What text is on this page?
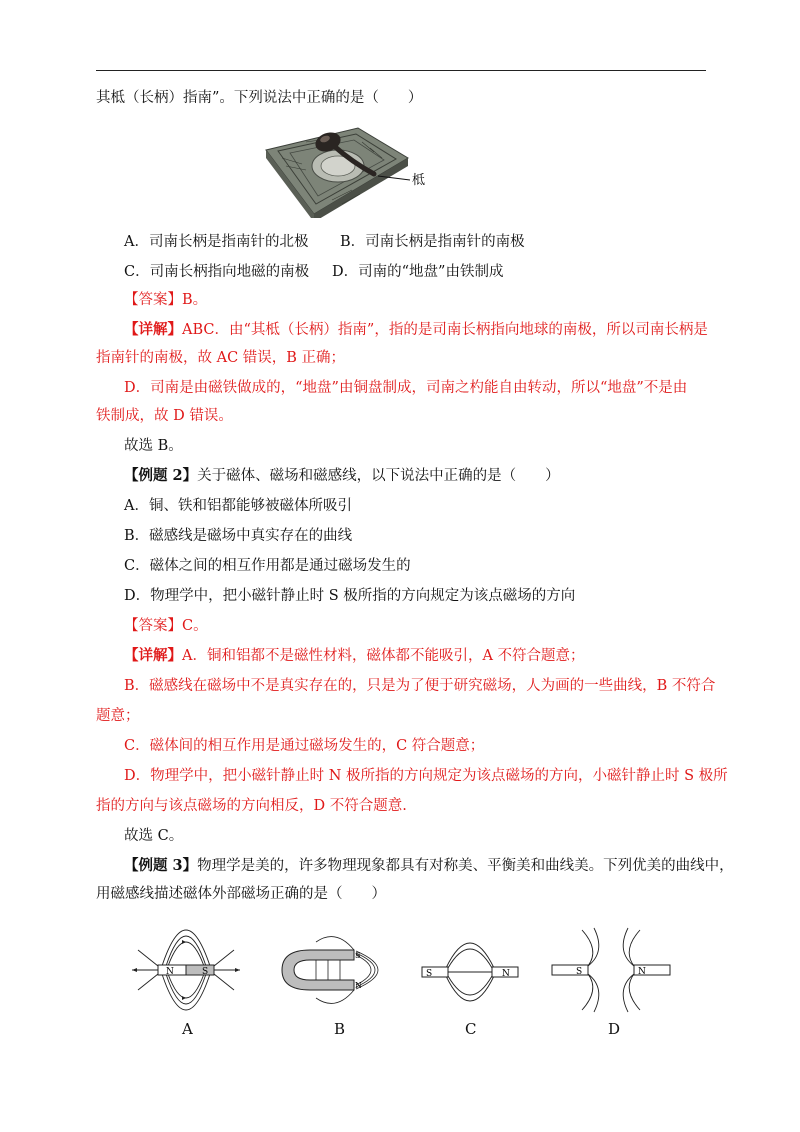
其柢（长柄）指南”。下列说法中正确的是（　　）
柢
A．司南长柄是指南针的北极 B．司南长柄是指南针的南极
C．司南长柄指向地磁的南极 D．司南的“地盘”由铁制成
【答案】B。
【详解】ABC．由“其柢（长柄）指南”，指的是司南长柄指向地球的南极，所以司南长柄是
指南针的南极，故 AC 错误，B 正确；
D．司南是由磁铁做成的，“地盘”由铜盘制成，司南之杓能自由转动，所以“地盘”不是由
铁制成，故 D 错误。
故选 B。
【例题 2】关于磁体、磁场和磁感线，以下说法中正确的是（　　）
A．铜、铁和铝都能够被磁体所吸引
B．磁感线是磁场中真实存在的曲线
C．磁体之间的相互作用都是通过磁场发生的
D．物理学中，把小磁针静止时 S 极所指的方向规定为该点磁场的方向
【答案】C。
【详解】A．铜和铝都不是磁性材料，磁体都不能吸引，A 不符合题意；
B．磁感线在磁场中不是真实存在的，只是为了便于研究磁场，人为画的一些曲线，B 不符合
题意；
C．磁体间的相互作用是通过磁场发生的，C 符合题意；
D．物理学中，把小磁针静止时 N 极所指的方向规定为该点磁场的方向，小磁针静止时 S 极所
指的方向与该点磁场的方向相反，D 不符合题意.
故选 C。
【例题 3】物理学是美的，许多物理现象都具有对称美、平衡美和曲线美。下列优美的曲线中，
用磁感线描述磁体外部磁场正确的是（　　）
N	S
S
N
S	N	S	N
A	B	C	D
